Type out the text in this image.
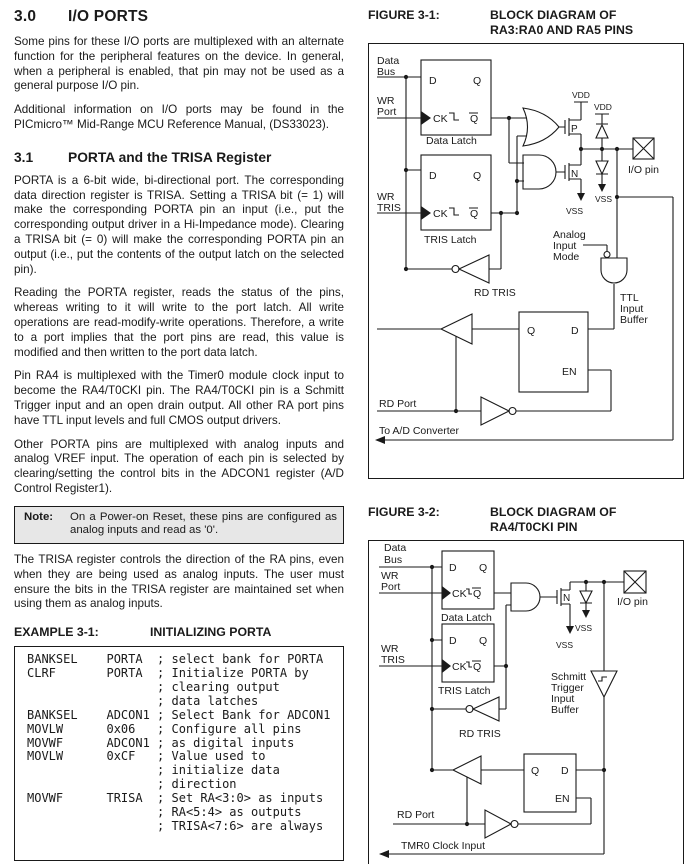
3.0 I/O PORTS

Some pins for these I/O ports are multiplexed with an alternate function for the peripheral features on the device. In general, when a peripheral is enabled, that pin may not be used as a general purpose I/O pin.

Additional information on I/O ports may be found in the PICmicro™ Mid-Range MCU Reference Manual, (DS33023).

3.1	PORTA and the TRISA Register

PORTA is a 6-bit wide, bi-directional port. The corresponding data direction register is TRISA. Setting a TRISA bit (= 1) will make the corresponding PORTA pin an input (i.e., put the corresponding output driver in a Hi-Impedance mode). Clearing a TRISA bit (= 0) will make the corresponding PORTA pin an output (i.e., put the contents of the output latch on the selected pin).

Reading the PORTA register, reads the status of the pins, whereas writing to it will write to the port latch. All write operations are read-modify-write operations. Therefore, a write to a port implies that the port pins are read, this value is modified and then written to the port data latch.

Pin RA4 is multiplexed with the Timer0 module clock input to become the RA4/T0CKI pin. The RA4/T0CKI pin is a Schmitt Trigger input and an open drain output. All other RA port pins have TTL input levels and full CMOS output drivers.

Other PORTA pins are multiplexed with analog inputs and analog VREF input. The operation of each pin is selected by clearing/setting the control bits in the ADCON1 register (A/D Control Register1).

Note:	On a Power-on Reset, these pins are configured as analog inputs and read as '0'.

The TRISA register controls the direction of the RA pins, even when they are being used as analog inputs. The user must ensure the bits in the TRISA register are maintained set when using them as analog inputs.

EXAMPLE 3-1:	INITIALIZING PORTA
BANKSEL    PORTA  ; select bank for PORTA
CLRF       PORTA  ; Initialize PORTA by
; clearing output
; data latches
BANKSEL    ADCON1 ; Select Bank for ADCON1
MOVLW      0x06   ; Configure all pins
MOVWF      ADCON1 ; as digital inputs
MOVLW      0xCF   ; Value used to
; initialize data
; direction
MOVWF      TRISA  ; Set RA<3:0> as inputs
; RA<5:4> as outputs
; TRISA<7:6> are always
FIGURE 3-1:	BLOCK DIAGRAM OF
RA3:RA0 AND RA5 PINS
D	Q
CK Q
Data Latch
D	Q
CK Q
TRIS Latch
Data
Bus
WR
Port
WR
TRIS
VDD
P
N
VSS
VDD
VSS
I/O pin
Analog
Input
Mode
TTL
Input
Buffer
RD TRIS
Q	D
EN
RD Port
To A/D Converter
FIGURE 3-2:	BLOCK DIAGRAM OF
RA4/T0CKI PIN
D Q
CK Q
Data Latch
D Q
CK Q
TRIS Latch
Data
Bus
WR
Port
WR
TRIS
N
VSS
VSS
I/O pin
Schmitt
Trigger
Input
Buffer
RD TRIS
Q D
EN
RD Port
TMR0 Clock Input
